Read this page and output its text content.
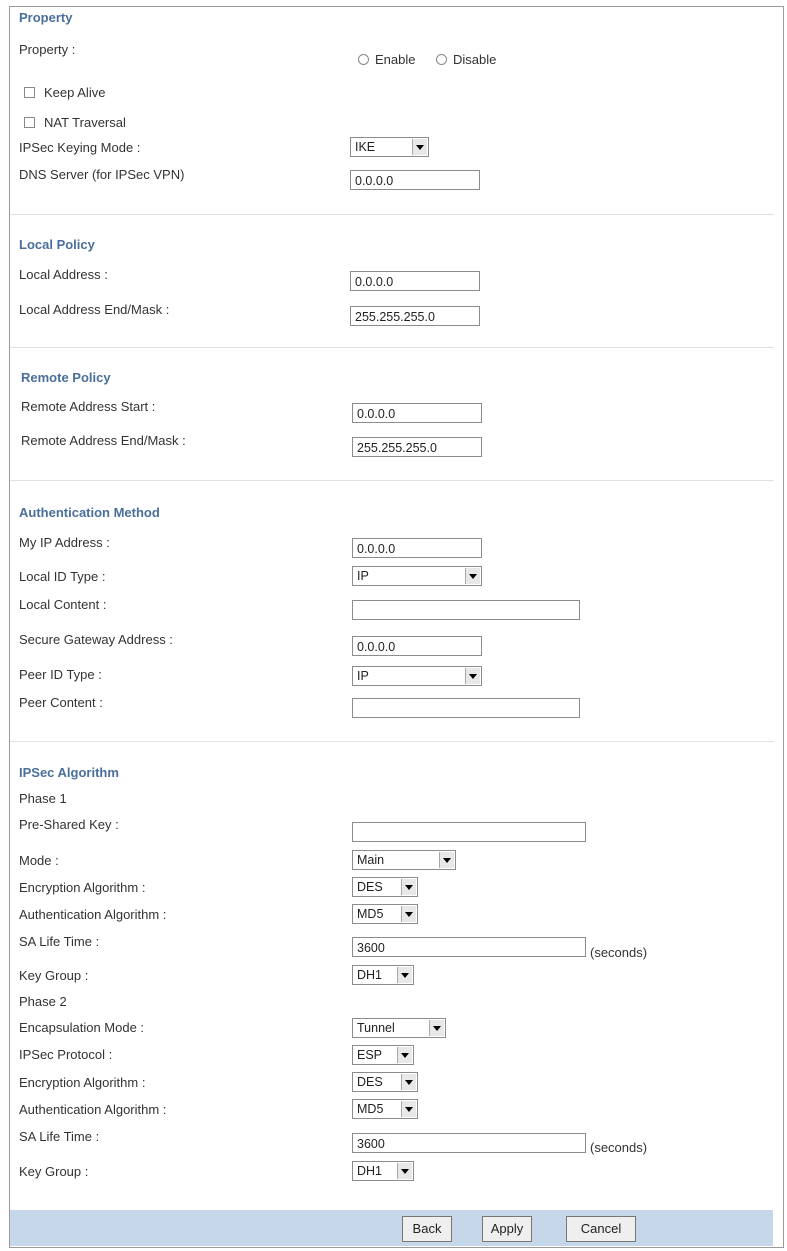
Property
Property :
Enable	Disable
Keep Alive
NAT Traversal
IPSec Keying Mode :	IKE
DNS Server (for IPSec VPN)	0.0.0.0
Local Policy
Local Address :	0.0.0.0
Local Address End/Mask :	255.255.255.0
Remote Policy
Remote Address Start :	0.0.0.0
Remote Address End/Mask :	255.255.255.0
Authentication Method
My IP Address :	0.0.0.0
Local ID Type :	IP
Local Content :
Secure Gateway Address :	0.0.0.0
Peer ID Type :	IP
Peer Content :
IPSec Algorithm
Phase 1
Pre-Shared Key :
Mode :	Main
Encryption Algorithm :	DES
Authentication Algorithm :	MD5
SA Life Time :	3600	(seconds)
Key Group :	DH1
Phase 2
Encapsulation Mode :	Tunnel
IPSec Protocol :	ESP
Encryption Algorithm :	DES
Authentication Algorithm :	MD5
SA Life Time :	3600	(seconds)
Key Group :	DH1
Back	Apply	Cancel
